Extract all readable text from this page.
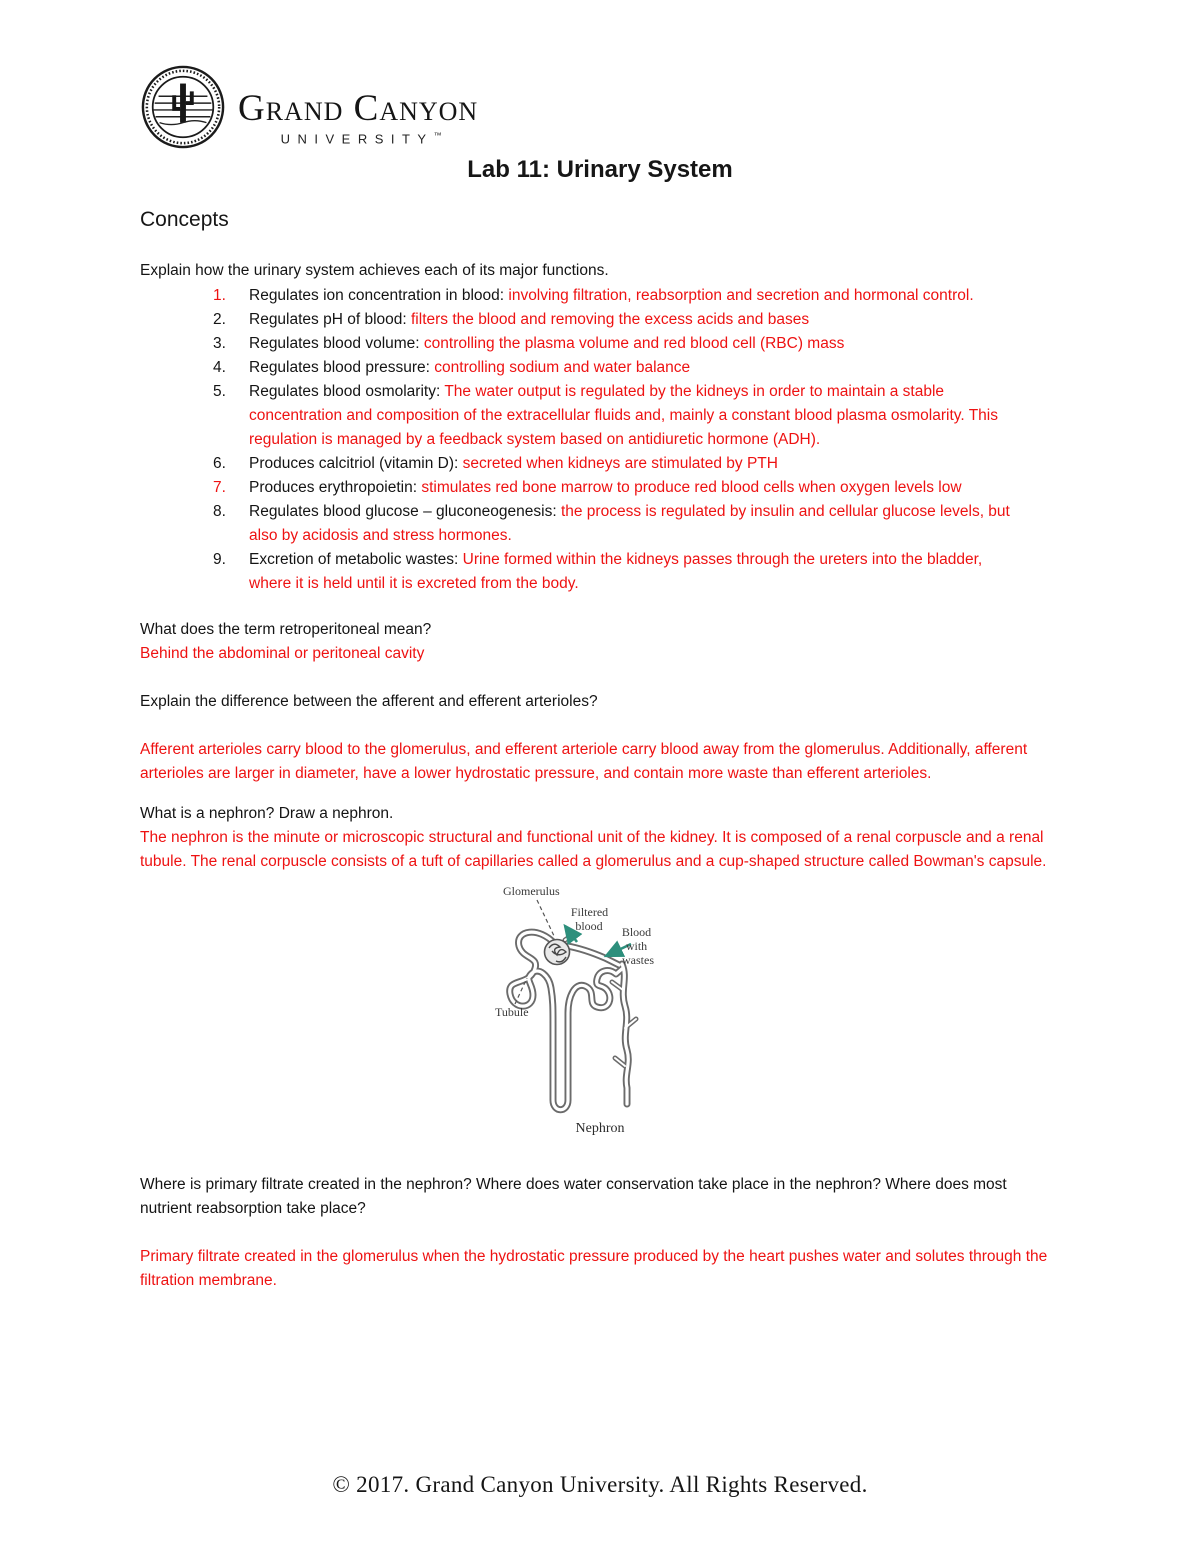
Grand Canyon
UNIVERSITY™
Lab 11: Urinary System
Concepts

Explain how the urinary system achieves each of its major functions.

1.	Regulates ion concentration in blood: involving filtration, reabsorption and secretion and hormonal control.
2.	Regulates pH of blood: filters the blood and removing the excess acids and bases
3.	Regulates blood volume: controlling the plasma volume and red blood cell (RBC) mass
4.	Regulates blood pressure: controlling sodium and water balance
5.	Regulates blood osmolarity: The water output is regulated by the kidneys in order to maintain a stable concentration and composition of the extracellular fluids and, mainly a constant blood plasma osmolarity. This regulation is managed by a feedback system based on antidiuretic hormone (ADH).
6.	Produces calcitriol (vitamin D): secreted when kidneys are stimulated by PTH
7.	Produces erythropoietin: stimulates red bone marrow to produce red blood cells when oxygen levels low
8.	Regulates blood glucose – gluconeogenesis: the process is regulated by insulin and cellular glucose levels, but also by acidosis and stress hormones.
9.	Excretion of metabolic wastes: Urine formed within the kidneys passes through the ureters into the bladder, where it is held until it is excreted from the body.

What does the term retroperitoneal mean?

Behind the abdominal or peritoneal cavity

Explain the difference between the afferent and efferent arterioles?

Afferent arterioles carry blood to the glomerulus, and efferent arteriole carry blood away from the glomerulus. Additionally, afferent arterioles are larger in diameter, have a lower hydrostatic pressure, and contain more waste than efferent arterioles.

What is a nephron? Draw a nephron.

The nephron is the minute or microscopic structural and functional unit of the kidney. It is composed of a renal corpuscle and a renal tubule. The renal corpuscle consists of a tuft of capillaries called a glomerulus and a cup-shaped structure called Bowman's capsule.

Glomerulus
Filtered blood	Blood with wastes
Tubule
Nephron

Where is primary filtrate created in the nephron? Where does water conservation take place in the nephron? Where does most nutrient reabsorption take place?

Primary filtrate created in the glomerulus when the hydrostatic pressure produced by the heart pushes water and solutes through the filtration membrane.

© 2017. Grand Canyon University. All Rights Reserved.
